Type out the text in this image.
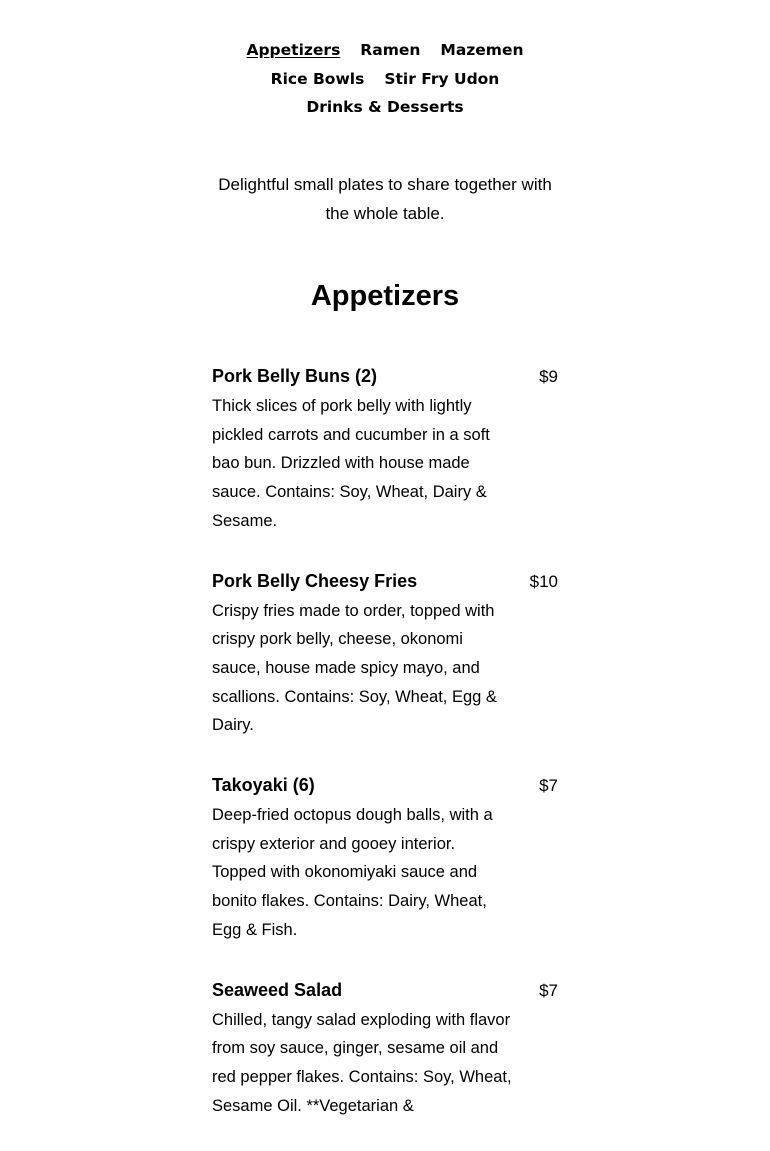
Appetizers Ramen Mazemen
Rice Bowls Stir Fry Udon
Drinks & Desserts

Delightful small plates to share together with the whole table.

Appetizers
Pork Belly Buns (2)	$9
Thick slices of pork belly with lightly pickled carrots and cucumber in a soft bao bun. Drizzled with house made sauce. Contains: Soy, Wheat, Dairy & Sesame.
Pork Belly Cheesy Fries	$10
Crispy fries made to order, topped with crispy pork belly, cheese, okonomi sauce, house made spicy mayo, and scallions. Contains: Soy, Wheat, Egg & Dairy.
Takoyaki (6)	$7
Deep-fried octopus dough balls, with a crispy exterior and gooey interior. Topped with okonomiyaki sauce and bonito flakes. Contains: Dairy, Wheat, Egg & Fish.
Seaweed Salad	$7
Chilled, tangy salad exploding with flavor from soy sauce, ginger, sesame oil and red pepper flakes. Contains: Soy, Wheat, Sesame Oil. **Vegetarian &
